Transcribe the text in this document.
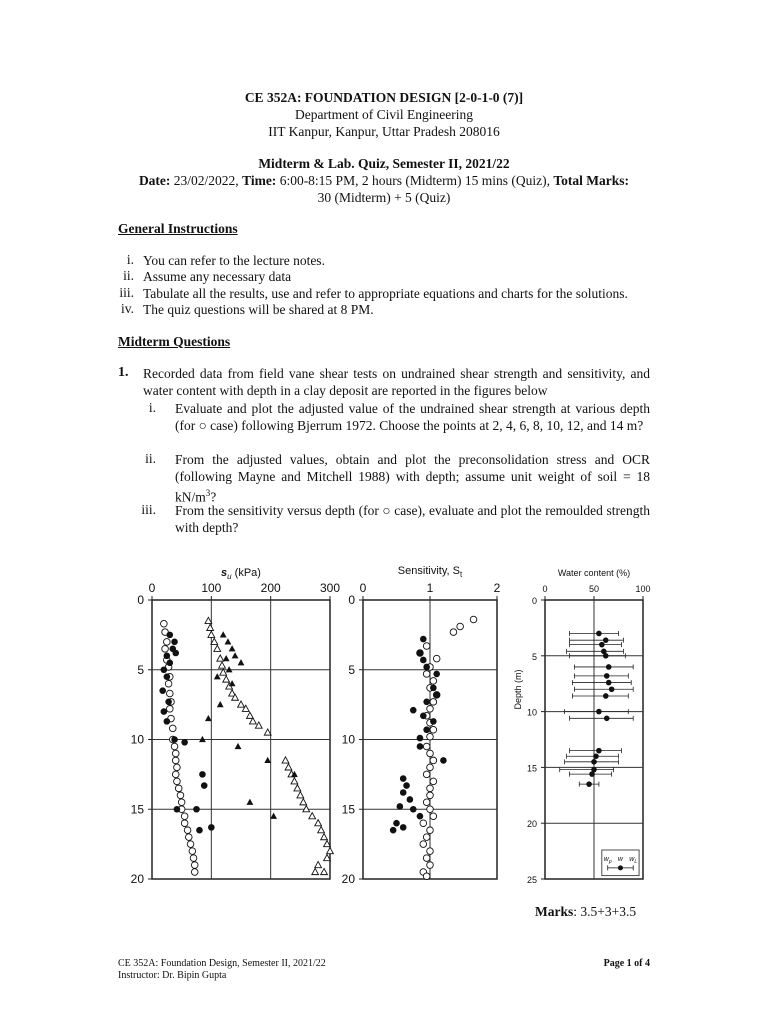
CE 352A: FOUNDATION DESIGN [2-0-1-0 (7)]
Department of Civil Engineering
IIT Kanpur, Kanpur, Uttar Pradesh 208016
Midterm & Lab. Quiz, Semester II, 2021/22
Date: 23/02/2022, Time: 6:00-8:15 PM, 2 hours (Midterm) 15 mins (Quiz), Total Marks:
30 (Midterm) + 5 (Quiz)
General Instructions
i. You can refer to the lecture notes.
ii. Assume any necessary data
iii. Tabulate all the results, use and refer to appropriate equations and charts for the solutions.
iv. The quiz questions will be shared at 8 PM.
Midterm Questions
1. Recorded data from field vane shear tests on undrained shear strength and sensitivity, and water content with depth in a clay deposit are reported in the figures below
i. Evaluate and plot the adjusted value of the undrained shear strength at various depth (for ○ case) following Bjerrum 1972. Choose the points at 2, 4, 6, 8, 10, 12, and 14 m?
ii. From the adjusted values, obtain and plot the preconsolidation stress and OCR (following Mayne and Mitchell 1988) with depth; assume unit weight of soil = 18 $kN/m^3$?
iii. From the sensitivity versus depth (for ○ case), evaluate and plot the remoulded strength with depth?
0	100	200	300
0
5
10
15
20
$s_u$ (kPa)
0	1	2
0
5
10
15
20
Sensitivity, $S_t$
0	50	100
0
5
10
15
20
25
Water content (%)
Depth (m)
$w_p$ w $w_L$
Marks: 3.5+3+3.5
CE 352A: Foundation Design, Semester II, 2021/22
Instructor: Dr. Bipin Gupta
Page 1 of 4
